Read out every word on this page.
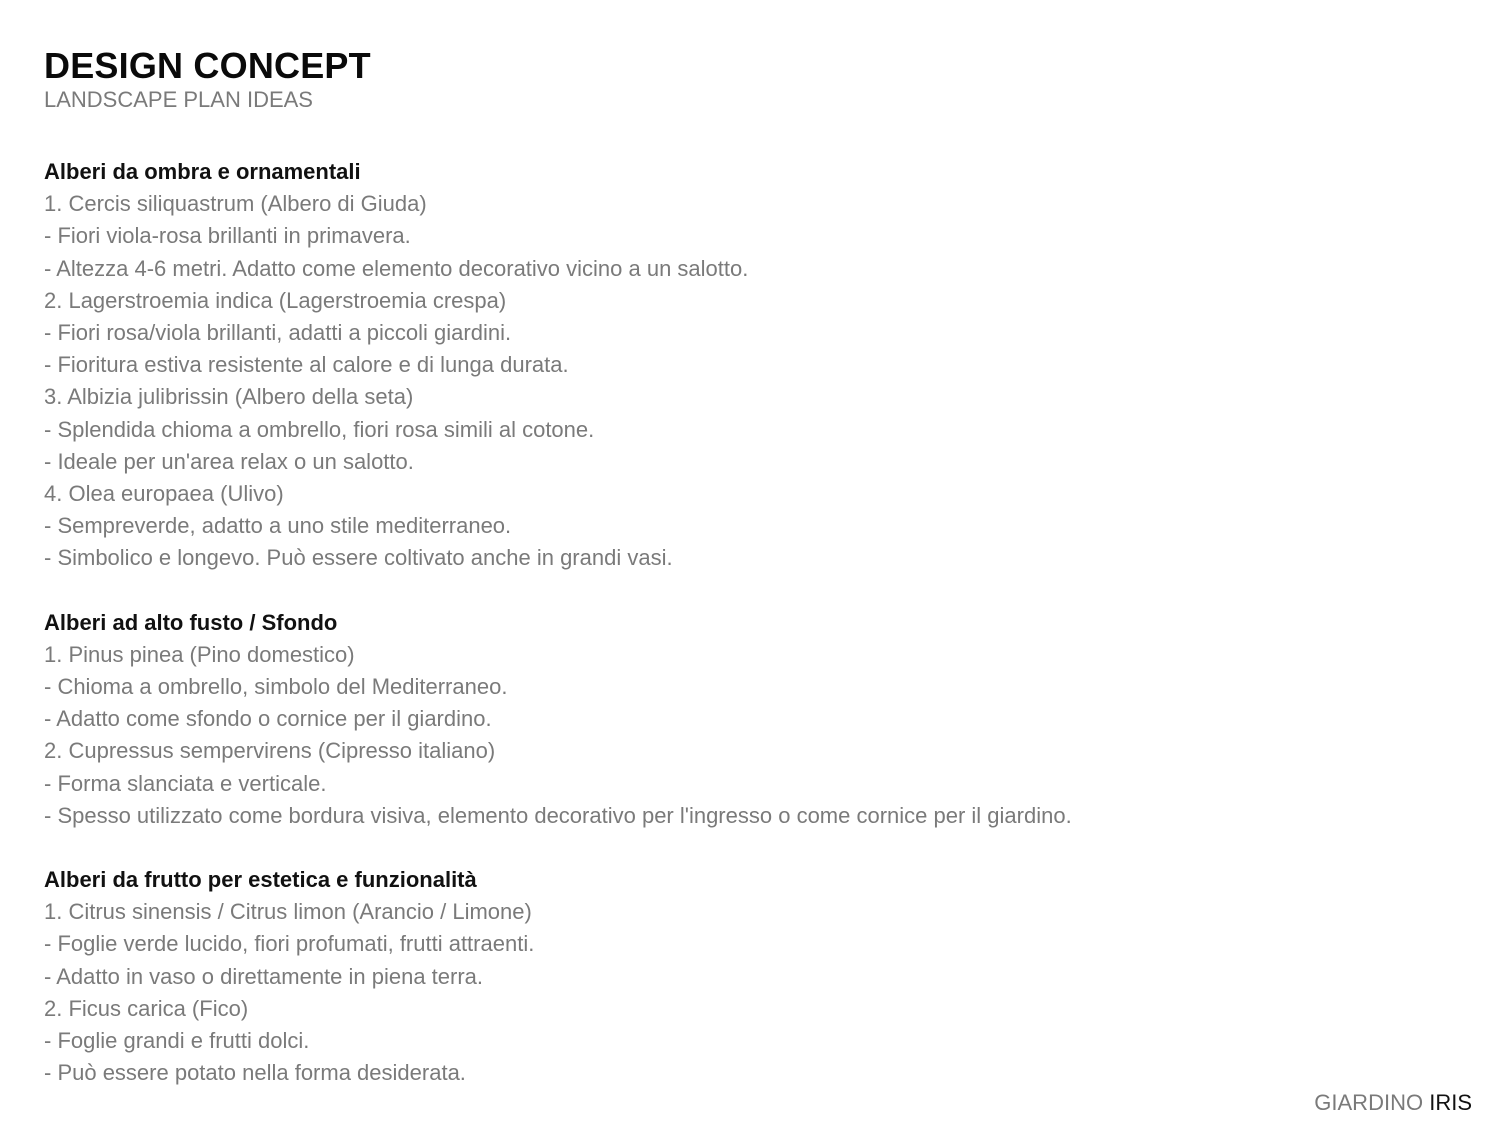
DESIGN CONCEPT
LANDSCAPE PLAN IDEAS
Alberi da ombra e ornamentali
1. Cercis siliquastrum (Albero di Giuda)
- Fiori viola-rosa brillanti in primavera.
- Altezza 4-6 metri. Adatto come elemento decorativo vicino a un salotto.
2. Lagerstroemia indica (Lagerstroemia crespa)
- Fiori rosa/viola brillanti, adatti a piccoli giardini.
- Fioritura estiva resistente al calore e di lunga durata.
3. Albizia julibrissin (Albero della seta)
- Splendida chioma a ombrello, fiori rosa simili al cotone.
- Ideale per un'area relax o un salotto.
4. Olea europaea (Ulivo)
- Sempreverde, adatto a uno stile mediterraneo.
- Simbolico e longevo. Può essere coltivato anche in grandi vasi.
Alberi ad alto fusto / Sfondo
1. Pinus pinea (Pino domestico)
- Chioma a ombrello, simbolo del Mediterraneo.
- Adatto come sfondo o cornice per il giardino.
2. Cupressus sempervirens (Cipresso italiano)
- Forma slanciata e verticale.
- Spesso utilizzato come bordura visiva, elemento decorativo per l'ingresso o come cornice per il giardino.
Alberi da frutto per estetica e funzionalità
1. Citrus sinensis / Citrus limon (Arancio / Limone)
- Foglie verde lucido, fiori profumati, frutti attraenti.
- Adatto in vaso o direttamente in piena terra.
2. Ficus carica (Fico)
- Foglie grandi e frutti dolci.
- Può essere potato nella forma desiderata.
GIARDINO IRIS
